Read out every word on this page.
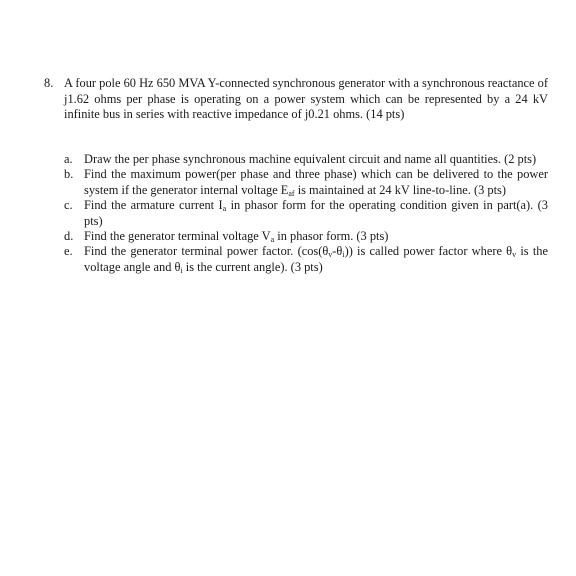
8. A four pole 60 Hz 650 MVA Y-connected synchronous generator with a synchronous reactance of j1.62 ohms per phase is operating on a power system which can be represented by a 24 kV infinite bus in series with reactive impedance of j0.21 ohms. (14 pts)
a. Draw the per phase synchronous machine equivalent circuit and name all quantities. (2 pts)
b. Find the maximum power(per phase and three phase) which can be delivered to the power system if the generator internal voltage $E_{af}$ is maintained at 24 kV line-to-line. (3 pts)
c. Find the armature current $I_a$ in phasor form for the operating condition given in part(a). (3 pts)
d. Find the generator terminal voltage $V_a$ in phasor form. (3 pts)
e. Find the generator terminal power factor. $(\cos(\theta_v-\theta_i))$ is called power factor where $\theta_v$ is the voltage angle and $\theta_i$ is the current angle). (3 pts)
